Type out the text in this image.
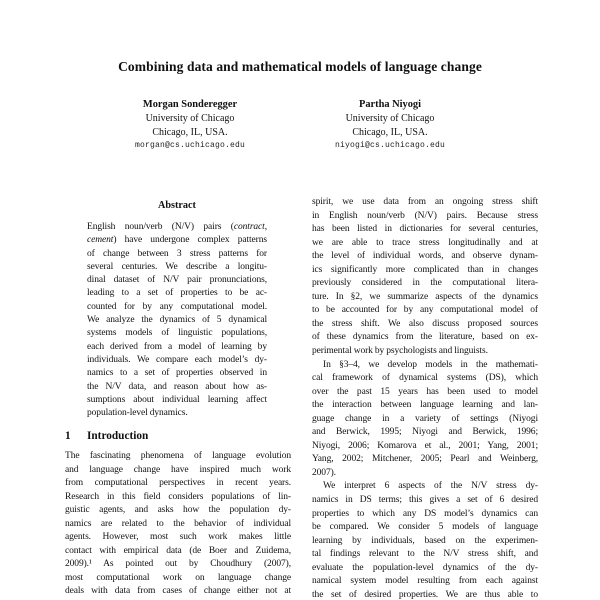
Combining data and mathematical models of language change
Morgan Sonderegger
University of Chicago
Chicago, IL, USA.
morgan@cs.uchicago.edu
Partha Niyogi
University of Chicago
Chicago, IL, USA.
niyogi@cs.uchicago.edu
Abstract
English noun/verb (N/V) pairs (contract,
cement) have undergone complex patterns
of change between 3 stress patterns for
several centuries. We describe a longitu-
dinal dataset of N/V pair pronunciations,
leading to a set of properties to be ac-
counted for by any computational model.
We analyze the dynamics of 5 dynamical
systems models of linguistic populations,
each derived from a model of learning by
individuals. We compare each model’s dy-
namics to a set of properties observed in
the N/V data, and reason about how as-
sumptions about individual learning affect
population-level dynamics.
1 Introduction
The fascinating phenomena of language evolution
and language change have inspired much work
from computational perspectives in recent years.
Research in this field considers populations of lin-
guistic agents, and asks how the population dy-
namics are related to the behavior of individual
agents. However, most such work makes little
contact with empirical data (de Boer and Zuidema,
2009).¹ As pointed out by Choudhury (2007),
most computational work on language change
deals with data from cases of change either not at
spirit, we use data from an ongoing stress shift
in English noun/verb (N/V) pairs. Because stress
has been listed in dictionaries for several centuries,
we are able to trace stress longitudinally and at
the level of individual words, and observe dynam-
ics significantly more complicated than in changes
previously considered in the computational litera-
ture. In §2, we summarize aspects of the dynamics
to be accounted for by any computational model of
the stress shift. We also discuss proposed sources
of these dynamics from the literature, based on ex-
perimental work by psychologists and linguists.
In §3–4, we develop models in the mathemati-
cal framework of dynamical systems (DS), which
over the past 15 years has been used to model
the interaction between language learning and lan-
guage change in a variety of settings (Niyogi
and Berwick, 1995; Niyogi and Berwick, 1996;
Niyogi, 2006; Komarova et al., 2001; Yang, 2001;
Yang, 2002; Mitchener, 2005; Pearl and Weinberg,
2007).
We interpret 6 aspects of the N/V stress dy-
namics in DS terms; this gives a set of 6 desired
properties to which any DS model’s dynamics can
be compared. We consider 5 models of language
learning by individuals, based on the experimen-
tal findings relevant to the N/V stress shift, and
evaluate the population-level dynamics of the dy-
namical system model resulting from each against
the set of desired properties. We are thus able to
